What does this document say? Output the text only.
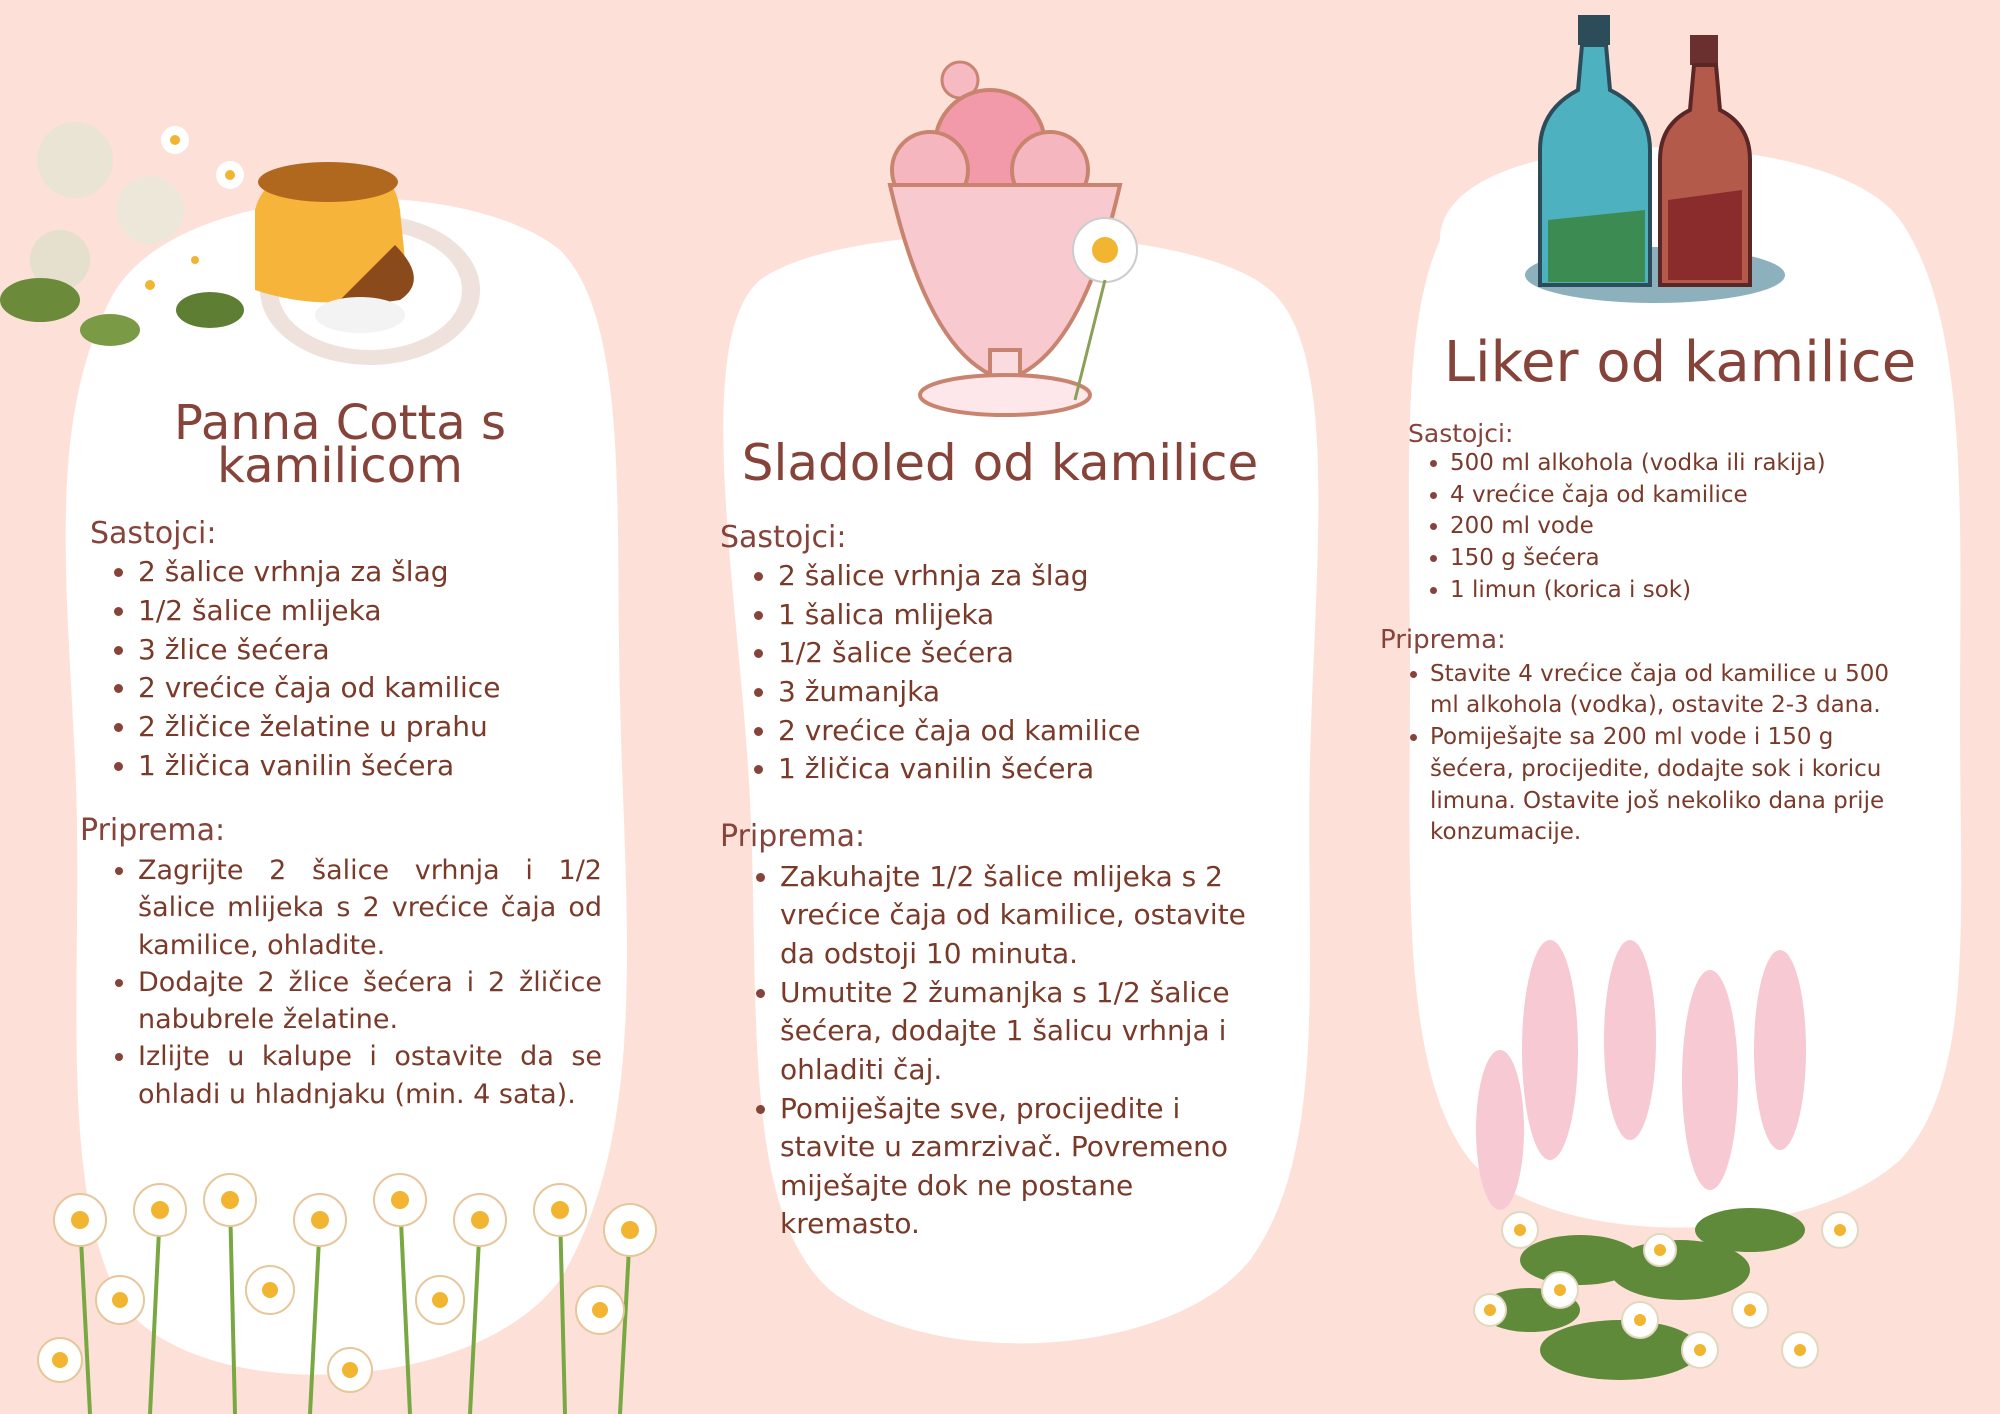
Panna Cotta s kamilicom

Sastojci:

• 2 šalice vrhnja za šlag
• 1/2 šalice mlijeka
• 3 žlice šećera
• 2 vrećice čaja od kamilice
• 2 žličice želatine u prahu
• 1 žličica vanilin šećera

Priprema:

• Zagrijte 2 šalice vrhnja i 1/2 šalice mlijeka s 2 vrećice čaja od kamilice, ohladite.
• Dodajte 2 žlice šećera i 2 žličice nabubrele želatine.
• Izlijte u kalupe i ostavite da se ohladi u hladnjaku (min. 4 sata).
Sladoled od kamilice

Sastojci:

• 2 šalice vrhnja za šlag
• 1 šalica mlijeka
• 1/2 šalice šećera
• 3 žumanjka
• 2 vrećice čaja od kamilice
• 1 žličica vanilin šećera

Priprema:

• Zakuhajte 1/2 šalice mlijeka s 2 vrećice čaja od kamilice, ostavite da odstoji 10 minuta.
• Umutite 2 žumanjka s 1/2 šalice šećera, dodajte 1 šalicu vrhnja i ohladiti čaj.
• Pomiješajte sve, procijedite i stavite u zamrzivač. Povremeno miješajte dok ne postane kremasto.
Liker od kamilice

Sastojci:

• 500 ml alkohola (vodka ili rakija)
• 4 vrećice čaja od kamilice
• 200 ml vode
• 150 g šećera
• 1 limun (korica i sok)

Priprema:

• Stavite 4 vrećice čaja od kamilice u 500 ml alkohola (vodka), ostavite 2-3 dana.
• Pomiješajte sa 200 ml vode i 150 g šećera, procijedite, dodajte sok i koricu limuna. Ostavite još nekoliko dana prije konzumacije.
